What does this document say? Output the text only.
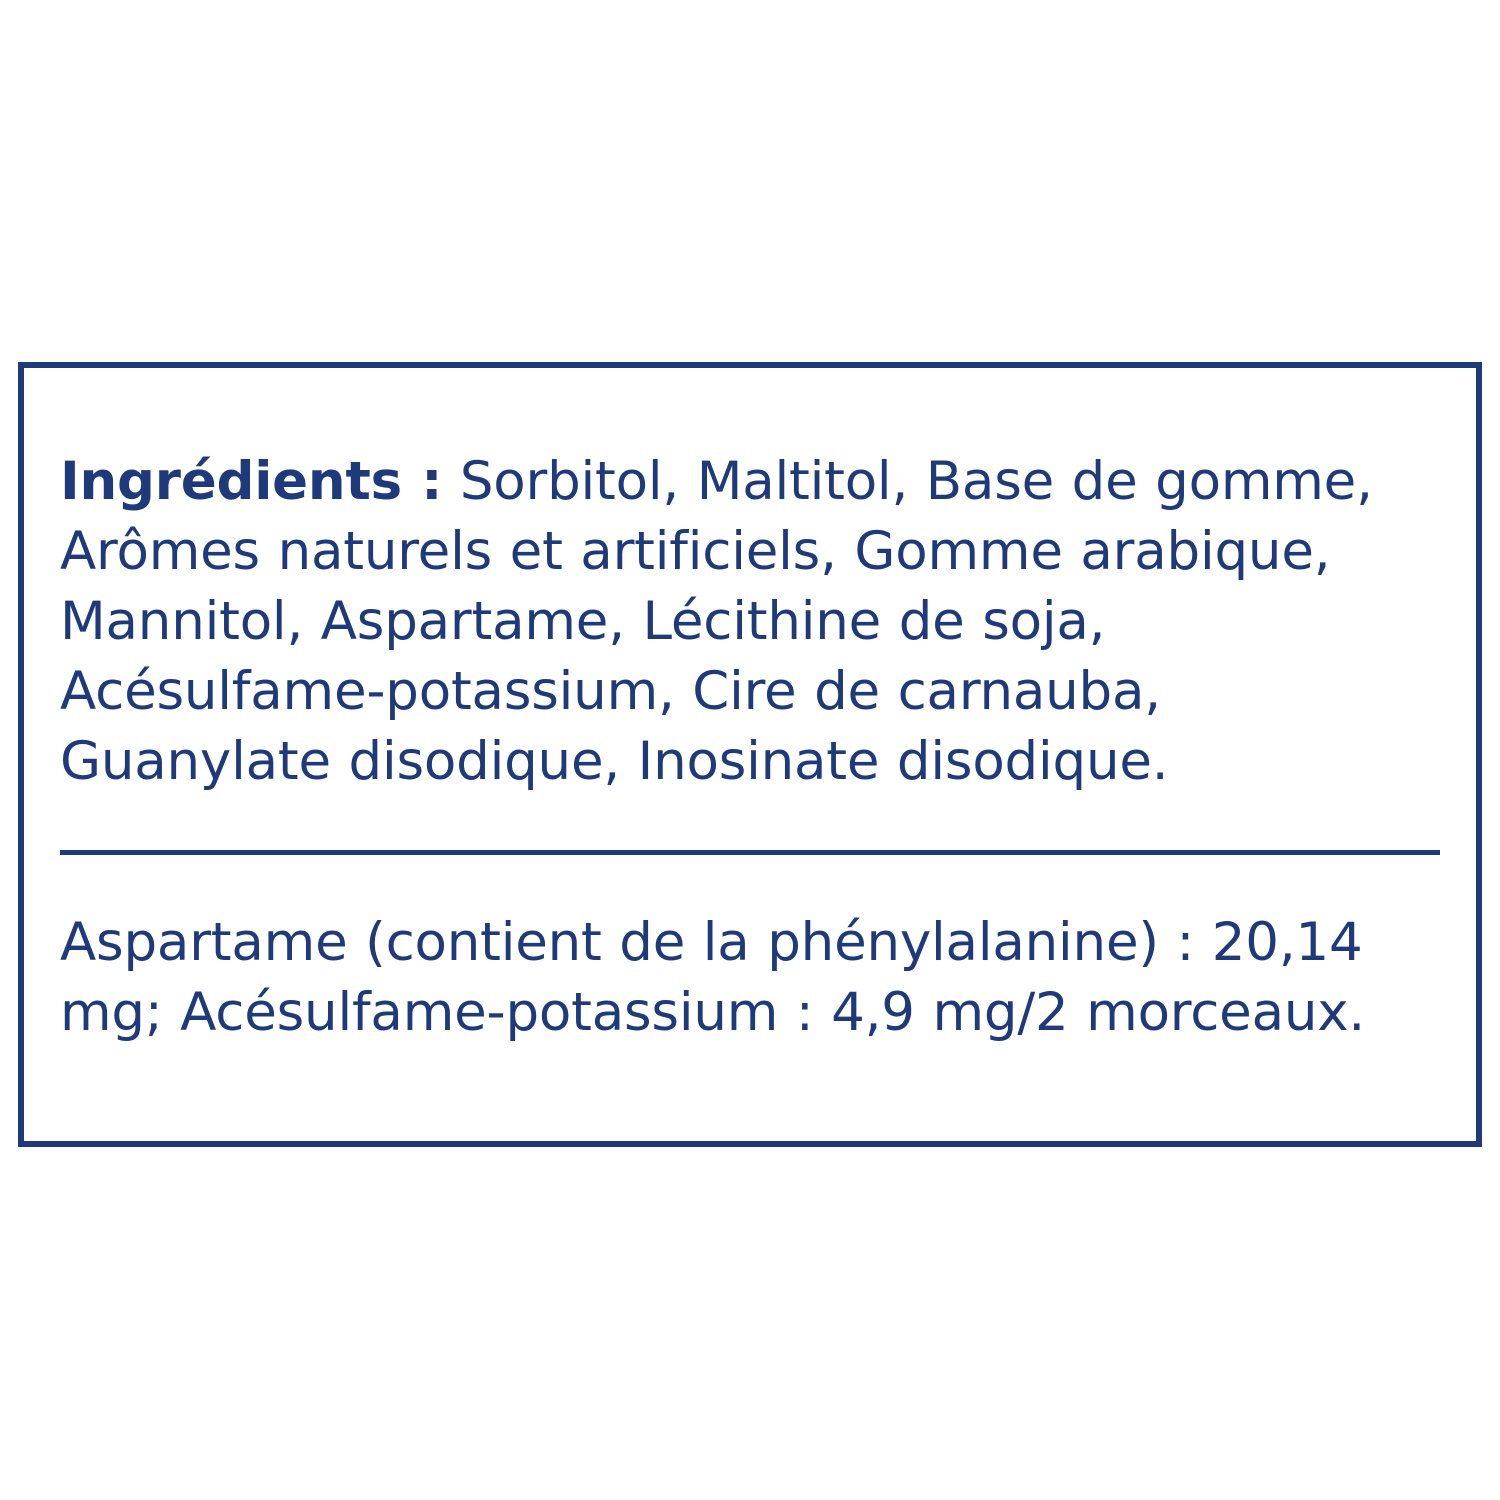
Ingrédients : Sorbitol, Maltitol, Base de gomme, Arômes naturels et artificiels, Gomme arabique, Mannitol, Aspartame, Lécithine de soja, Acésulfame-potassium, Cire de carnauba, Guanylate disodique, Inosinate disodique.

Aspartame (contient de la phénylalanine) : 20,14 mg; Acésulfame-potassium : 4,9 mg/2 morceaux.
